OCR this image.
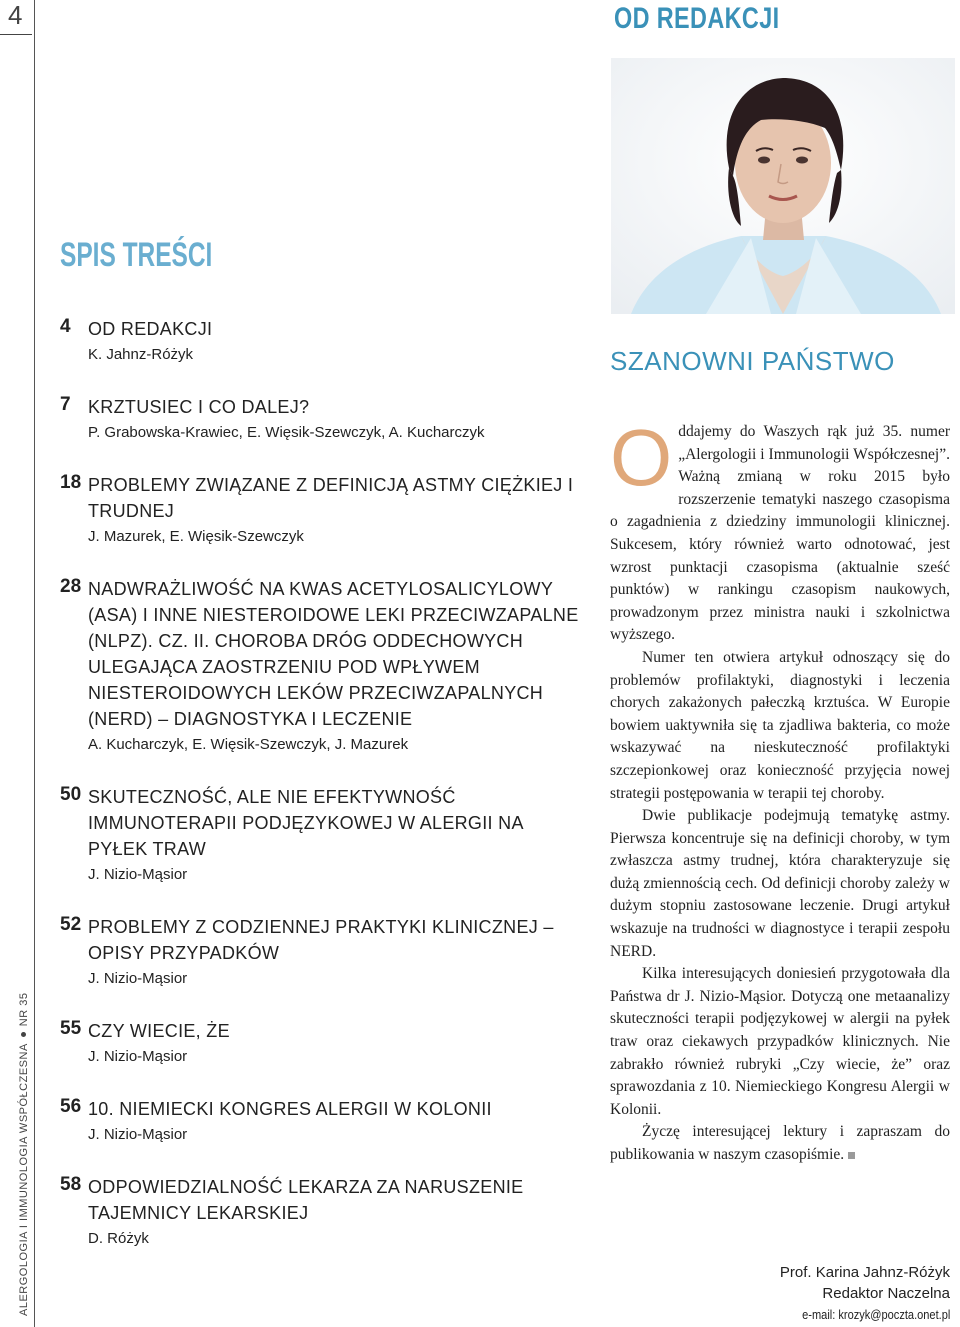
4
ALERGOLOGIA I IMMUNOLOGIA WSPÓŁCZESNANR 35
OD REDAKCJI
SPIS TREŚCI
4 OD REDAKCJI
K. Jahnz-Różyk
7 KRZTUSIEC I CO DALEJ?
P. Grabowska-Krawiec, E. Więsik-Szewczyk, A. Kucharczyk
18 PROBLEMY ZWIĄZANE Z DEFINICJĄ ASTMY CIĘŻKIEJ I TRUDNEJ
J. Mazurek, E. Więsik-Szewczyk
28 NADWRAŻLIWOŚĆ NA KWAS ACETYLOSALICYLOWY (ASA) I INNE NIESTEROIDOWE LEKI PRZECIWZAPALNE (NLPZ). CZ. II. CHOROBA DRÓG ODDECHOWYCH ULEGAJĄCA ZAOSTRZENIU POD WPŁYWEM NIESTEROIDOWYCH LEKÓW PRZECIWZAPALNYCH (NERD) – DIAGNOSTYKA I LECZENIE
A. Kucharczyk, E. Więsik-Szewczyk, J. Mazurek
50 SKUTECZNOŚĆ, ALE NIE EFEKTYWNOŚĆ IMMUNOTERAPII PODJĘZYKOWEJ W ALERGII NA PYŁEK TRAW
J. Nizio-Mąsior
52 PROBLEMY Z CODZIENNEJ PRAKTYKI KLINICZNEJ – OPISY PRZYPADKÓW
J. Nizio-Mąsior
55 CZY WIECIE, ŻE
J. Nizio-Mąsior
56 10. NIEMIECKI KONGRES ALERGII W KOLONII
J. Nizio-Mąsior
58 ODPOWIEDZIALNOŚĆ LEKARZA ZA NARUSZENIE TAJEMNICY LEKARSKIEJ
D. Różyk
SZANOWNI PAŃSTWO

Oddajemy do Waszych rąk już 35. numer „Alergologii i Immunologii Współczesnej”. Ważną zmianą w roku 2015 było rozszerzenie tematyki naszego czasopisma o zagadnienia z dziedziny immunologii klinicznej. Sukcesem, który również warto odnotować, jest wzrost punktacji czasopisma (aktualnie sześć punktów) w rankingu czasopism naukowych, prowadzonym przez ministra nauki i szkolnictwa wyższego.

Numer ten otwiera artykuł odnoszący się do problemów profilaktyki, diagnostyki i leczenia chorych zakażonych pałeczką krztuśca. W Europie bowiem uaktywniła się ta zjadliwa bakteria, co może wskazywać na nieskuteczność profilaktyki szczepionkowej oraz konieczność przyjęcia nowej strategii postępowania w terapii tej choroby.

Dwie publikacje podejmują tematykę astmy. Pierwsza koncentruje się na definicji choroby, w tym zwłaszcza astmy trudnej, która charakteryzuje się dużą zmiennością cech. Od definicji choroby zależy w dużym stopniu zastosowane leczenie. Drugi artykuł wskazuje na trudności w diagnostyce i terapii zespołu NERD.

Kilka interesujących doniesień przygotowała dla Państwa dr J. Nizio-Mąsior. Dotyczą one metaanalizy skuteczności terapii podjęzykowej w alergii na pyłek traw oraz ciekawych przypadków klinicznych. Nie zabrakło również rubryki „Czy wiecie, że” oraz sprawozdania z 10. Niemieckiego Kongresu Alergii w Kolonii.

Życzę interesującej lektury i zapraszam do publikowania w naszym czasopiśmie.

Prof. Karina Jahnz-Różyk
Redaktor Naczelna
e-mail: krozyk@poczta.onet.pl
